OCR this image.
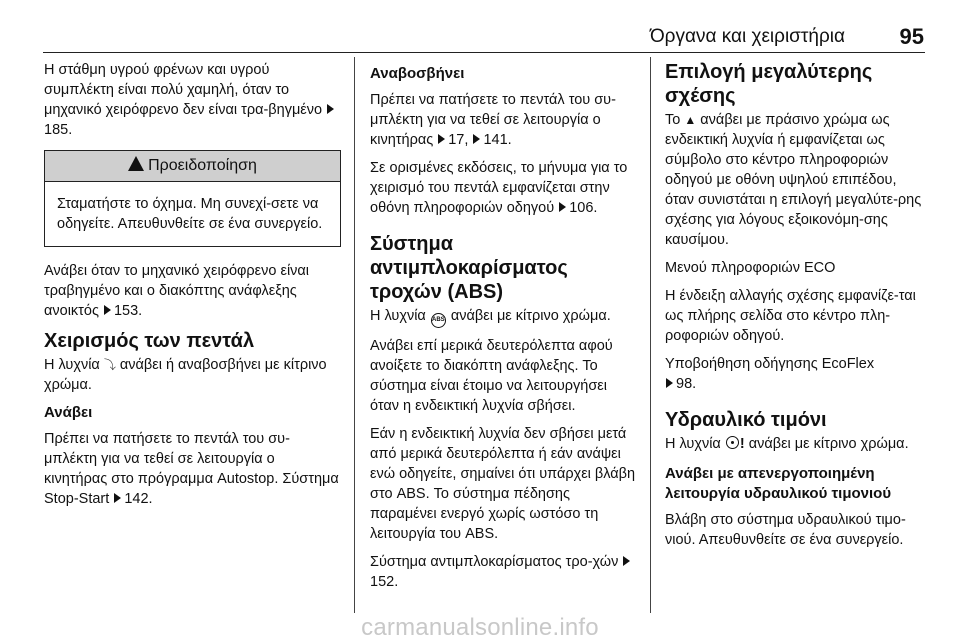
Όργανα και χειριστήρια 95

Η στάθμη υγρού φρένων και υγρού συμπλέκτη είναι πολύ χαμηλή, όταν το μηχανικό χειρόφρενο δεν είναι τρα-βηγμένο 185.

Προειδοποίηση

Σταματήστε το όχημα. Μη συνεχί-σετε να οδηγείτε. Απευθυνθείτε σε ένα συνεργείο.

Ανάβει όταν το μηχανικό χειρόφρενο είναι τραβηγμένο και ο διακόπτης ανάφλεξης ανοικτός 153.

Χειρισμός των πεντάλ

Η λυχνία ⤵ ανάβει ή αναβοσβήνει με κίτρινο χρώμα.

Ανάβει

Πρέπει να πατήσετε το πεντάλ του συ-μπλέκτη για να τεθεί σε λειτουργία ο κινητήρας στο πρόγραμμα Autostop. Σύστημα Stop-Start 142.

Αναβοσβήνει

Πρέπει να πατήσετε το πεντάλ του συ-μπλέκτη για να τεθεί σε λειτουργία ο κινητήρας 17, 141.

Σε ορισμένες εκδόσεις, το μήνυμα για το χειρισμό του πεντάλ εμφανίζεται στην οθόνη πληροφοριών οδηγού 106.

Σύστημα αντιμπλοκαρίσματος τροχών (ABS)

Η λυχνία ABS ανάβει με κίτρινο χρώμα.

Ανάβει επί μερικά δευτερόλεπτα αφού ανοίξετε το διακόπτη ανάφλεξης. Το σύστημα είναι έτοιμο να λειτουργήσει όταν η ενδεικτική λυχνία σβήσει.

Εάν η ενδεικτική λυχνία δεν σβήσει μετά από μερικά δευτερόλεπτα ή εάν ανάψει ενώ οδηγείτε, σημαίνει ότι υπάρχει βλάβη στο ABS. Το σύστημα πέδησης παραμένει ενεργό χωρίς ωστόσο τη λειτουργία του ABS.

Σύστημα αντιμπλοκαρίσματος τρο-χών 152.

Επιλογή μεγαλύτερης σχέσης

Το ▲ ανάβει με πράσινο χρώμα ως ενδεικτική λυχνία ή εμφανίζεται ως σύμβολο στο κέντρο πληροφοριών οδηγού με οθόνη υψηλού επιπέδου, όταν συνιστάται η επιλογή μεγαλύτε-ρης σχέσης για λόγους εξοικονόμη-σης καυσίμου.

Μενού πληροφοριών ECO

Η ένδειξη αλλαγής σχέσης εμφανίζε-ται ως πλήρης σελίδα στο κέντρο πλη-ροφοριών οδηγού.

Υποβοήθηση οδήγησης EcoFlex
98.

Υδραυλικό τιμόνι

Η λυχνία ! ανάβει με κίτρινο χρώμα.

Ανάβει με απενεργοποιημένη λειτουργία υδραυλικού τιμονιού

Βλάβη στο σύστημα υδραυλικού τιμο-νιού. Απευθυνθείτε σε ένα συνεργείο.

carmanualsonline.info
